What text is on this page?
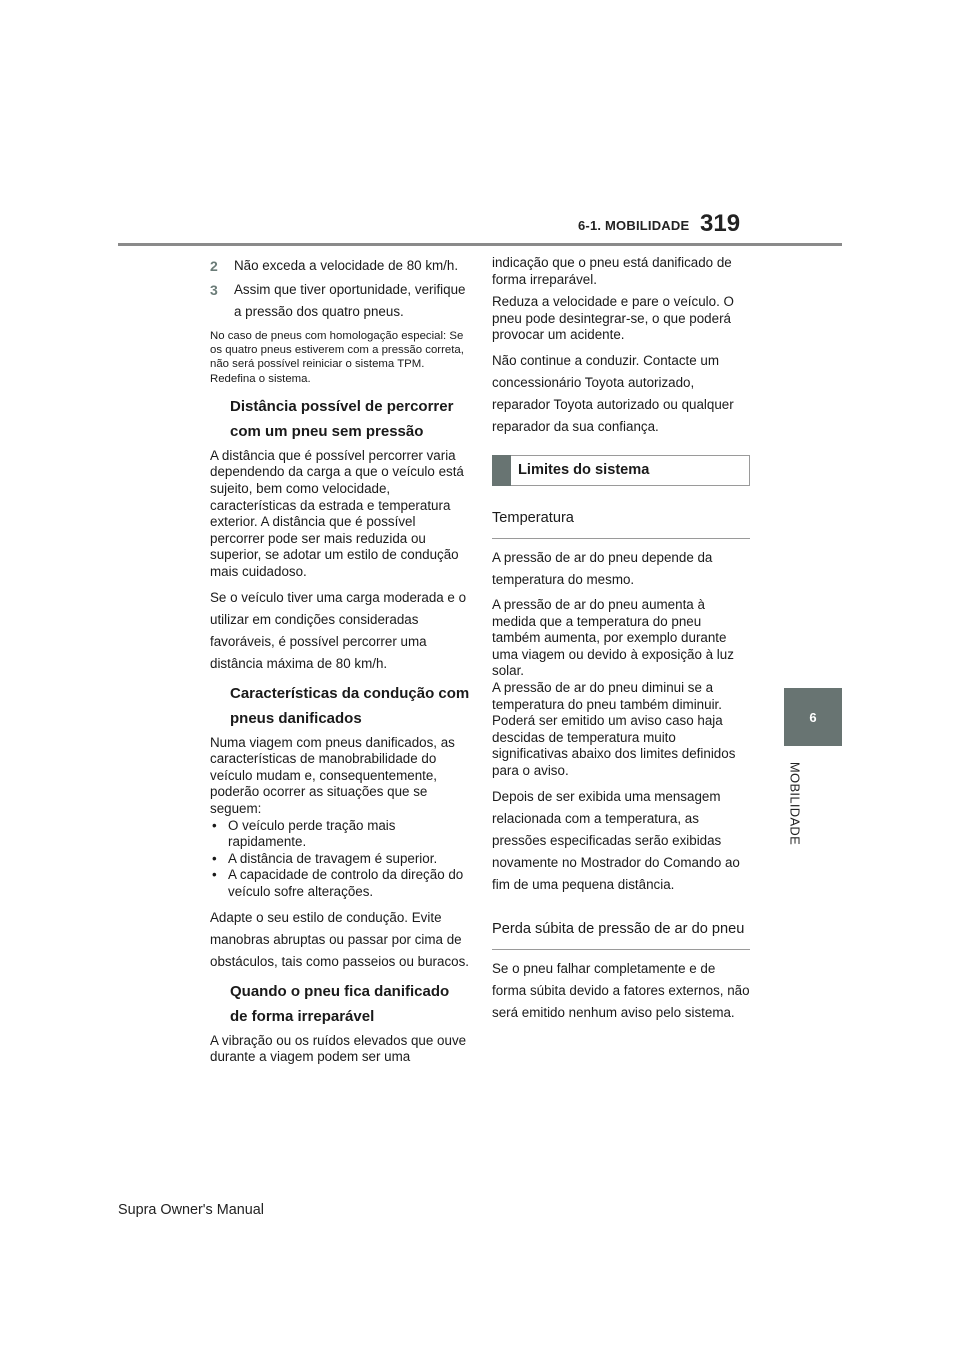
6-1. MOBILIDADE 319
6
MOBILIDADE
2 Não exceda a velocidade de 80 km/h.
3 Assim que tiver oportunidade, verifique a pressão dos quatro pneus.

No caso de pneus com homologação especial: Se os quatro pneus estiverem com a pressão correta, não será possível reiniciar o sistema TPM. Redefina o sistema.

Distância possível de percorrer com um pneu sem pressão

A distância que é possível percorrer varia dependendo da carga a que o veículo está sujeito, bem como velocidade, características da estrada e temperatura exterior. A distância que é possível percorrer pode ser mais reduzida ou superior, se adotar um estilo de condução mais cuidadoso.

Se o veículo tiver uma carga moderada e o utilizar em condições consideradas favoráveis, é possível percorrer uma distância máxima de 80 km/h.

Características da condução com pneus danificados

Numa viagem com pneus danificados, as características de manobrabilidade do veículo mudam e, consequentemente, poderão ocorrer as situações que se seguem:

• O veículo perde tração mais rapidamente.
• A distância de travagem é superior.
• A capacidade de controlo da direção do veículo sofre alterações.

Adapte o seu estilo de condução. Evite manobras abruptas ou passar por cima de obstáculos, tais como passeios ou buracos.

Quando o pneu fica danificado de forma irreparável

A vibração ou os ruídos elevados que ouve durante a viagem podem ser uma

indicação que o pneu está danificado de forma irreparável.

Reduza a velocidade e pare o veículo. O pneu pode desintegrar-se, o que poderá provocar um acidente.

Não continue a conduzir. Contacte um concessionário Toyota autorizado, reparador Toyota autorizado ou qualquer reparador da sua confiança.

Limites do sistema
Temperatura

A pressão de ar do pneu depende da temperatura do mesmo.

A pressão de ar do pneu aumenta à medida que a temperatura do pneu também aumenta, por exemplo durante uma viagem ou devido à exposição à luz solar.

A pressão de ar do pneu diminui se a temperatura do pneu também diminuir.

Poderá ser emitido um aviso caso haja descidas de temperatura muito significativas abaixo dos limites definidos para o aviso.

Depois de ser exibida uma mensagem relacionada com a temperatura, as pressões especificadas serão exibidas novamente no Mostrador do Comando ao fim de uma pequena distância.

Perda súbita de pressão de ar do pneu

Se o pneu falhar completamente e de forma súbita devido a fatores externos, não será emitido nenhum aviso pelo sistema.

Supra Owner's Manual
